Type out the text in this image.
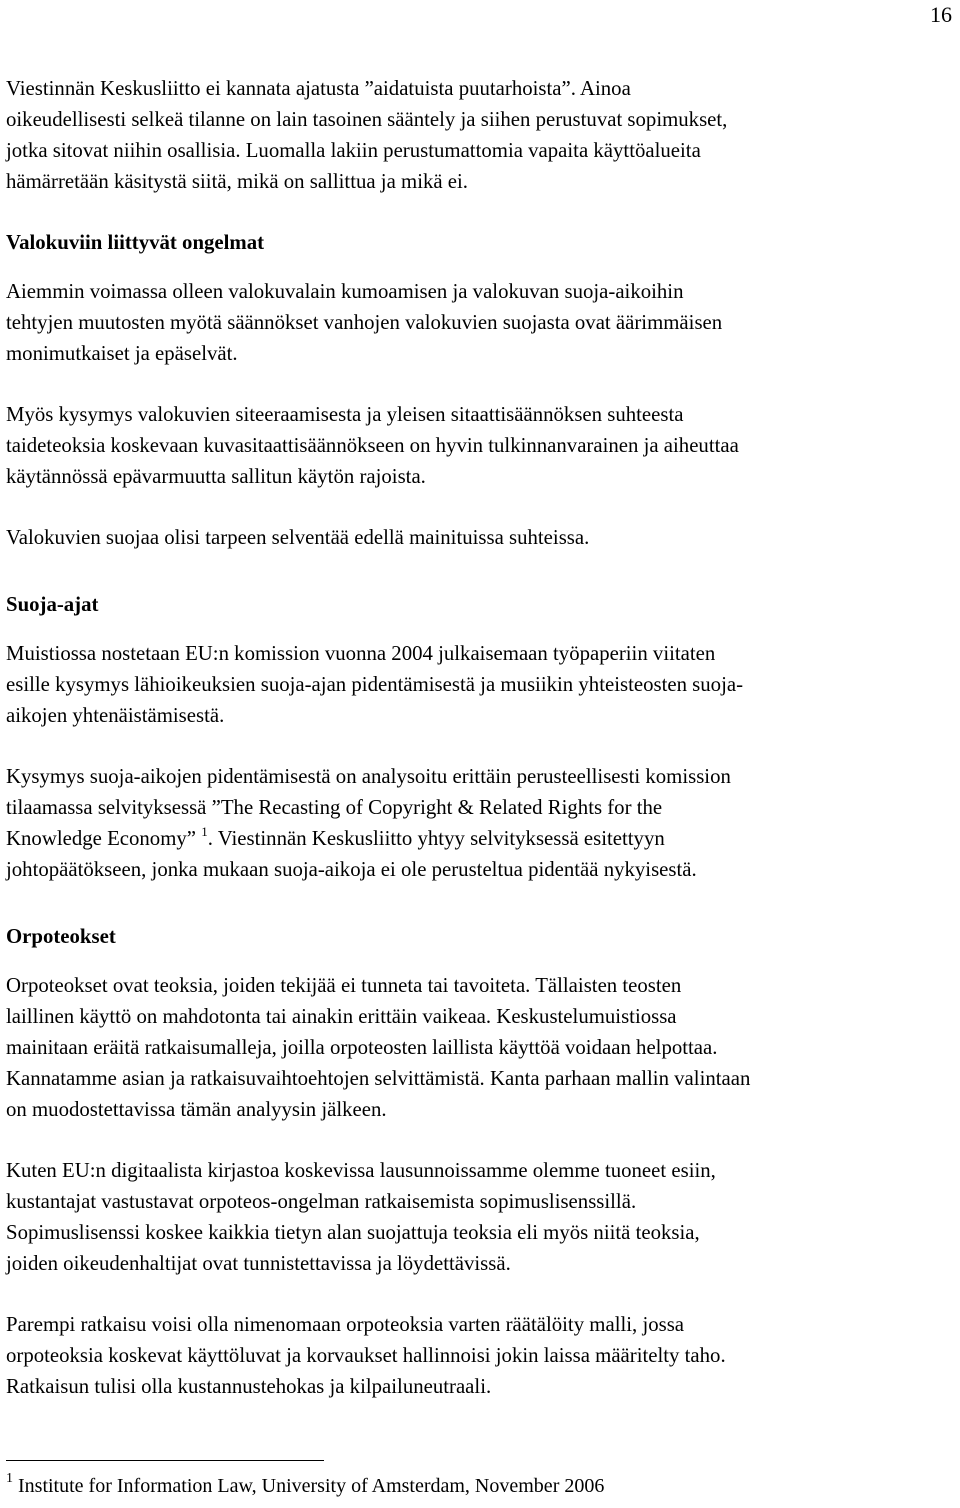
16

Viestinnän Keskusliitto ei kannata ajatusta ”aidatuista puutarhoista”. Ainoa
oikeudellisesti selkeä tilanne on lain tasoinen sääntely ja siihen perustuvat sopimukset,
jotka sitovat niihin osallisia. Luomalla lakiin perustumattomia vapaita käyttöalueita
hämärretään käsitystä siitä, mikä on sallittua ja mikä ei.

Valokuviin liittyvät ongelmat

Aiemmin voimassa olleen valokuvalain kumoamisen ja valokuvan suoja-aikoihin
tehtyjen muutosten myötä säännökset vanhojen valokuvien suojasta ovat äärimmäisen
monimutkaiset ja epäselvät.

Myös kysymys valokuvien siteeraamisesta ja yleisen sitaattisäännöksen suhteesta
taideteoksia koskevaan kuvasitaattisäännökseen on hyvin tulkinnanvarainen ja aiheuttaa
käytännössä epävarmuutta sallitun käytön rajoista.

Valokuvien suojaa olisi tarpeen selventää edellä mainituissa suhteissa.

Suoja-ajat

Muistiossa nostetaan EU:n komission vuonna 2004 julkaisemaan työpaperiin viitaten
esille kysymys lähioikeuksien suoja-ajan pidentämisestä ja musiikin yhteisteosten suoja-
aikojen yhtenäistämisestä.

Kysymys suoja-aikojen pidentämisestä on analysoitu erittäin perusteellisesti komission
tilaamassa selvityksessä ”The Recasting of Copyright & Related Rights for the
Knowledge Economy” $^1$. Viestinnän Keskusliitto yhtyy selvityksessä esitettyyn
johtopäätökseen, jonka mukaan suoja-aikoja ei ole perusteltua pidentää nykyisestä.

Orpoteokset

Orpoteokset ovat teoksia, joiden tekijää ei tunneta tai tavoiteta. Tällaisten teosten
laillinen käyttö on mahdotonta tai ainakin erittäin vaikeaa. Keskustelumuistiossa
mainitaan eräitä ratkaisumalleja, joilla orpoteosten laillista käyttöä voidaan helpottaa.
Kannatamme asian ja ratkaisuvaihtoehtojen selvittämistä. Kanta parhaan mallin valintaan
on muodostettavissa tämän analyysin jälkeen.

Kuten EU:n digitaalista kirjastoa koskevissa lausunnoissamme olemme tuoneet esiin,
kustantajat vastustavat orpoteos-ongelman ratkaisemista sopimuslisenssillä.
Sopimuslisenssi koskee kaikkia tietyn alan suojattuja teoksia eli myös niitä teoksia,
joiden oikeudenhaltijat ovat tunnistettavissa ja löydettävissä.

Parempi ratkaisu voisi olla nimenomaan orpoteoksia varten räätälöity malli, jossa
orpoteoksia koskevat käyttöluvat ja korvaukset hallinnoisi jokin laissa määritelty taho.
Ratkaisun tulisi olla kustannustehokas ja kilpailuneutraali.

$^1$ Institute for Information Law, University of Amsterdam, November 2006
